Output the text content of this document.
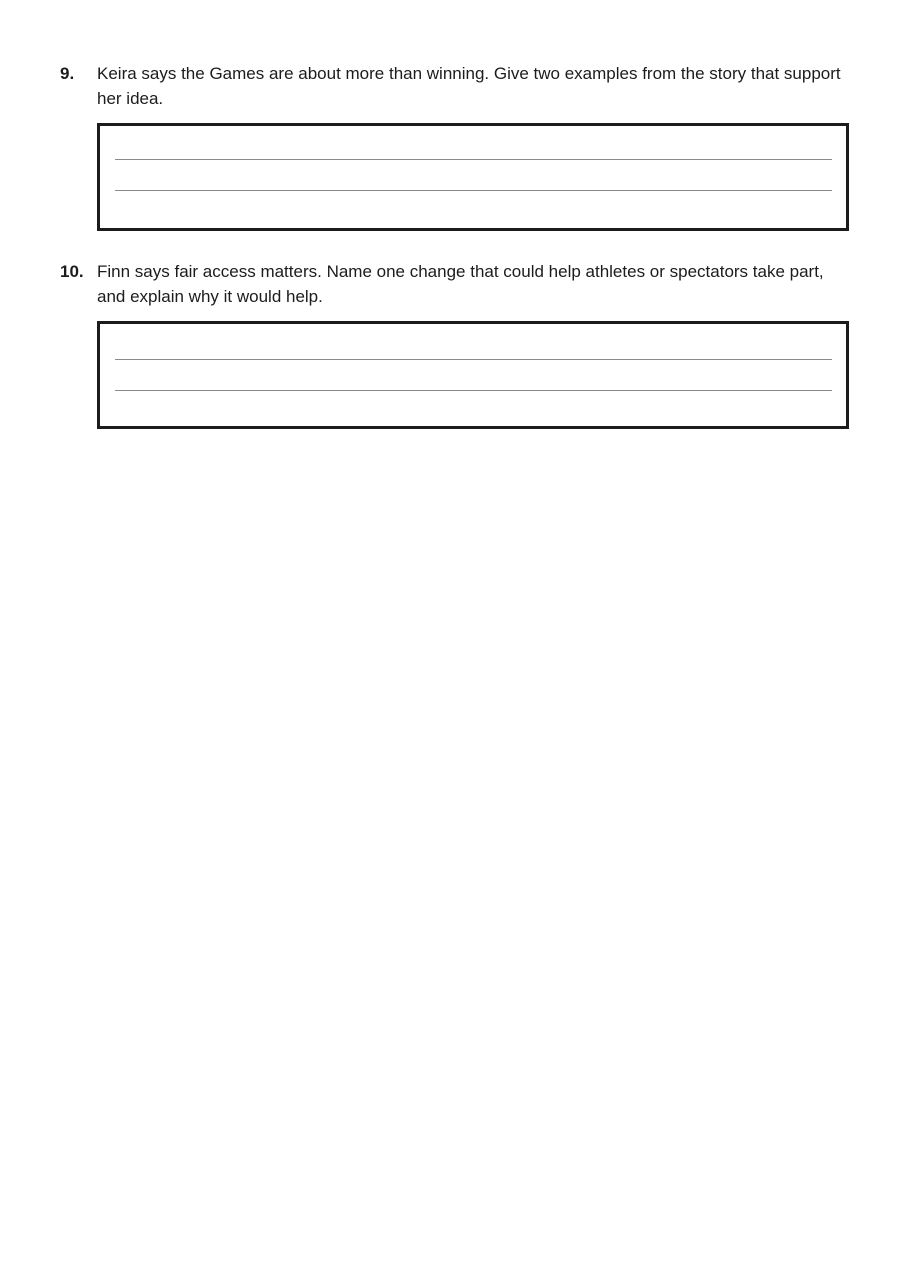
9. Keira says the Games are about more than winning. Give two examples from the story that support her idea.
10. Finn says fair access matters. Name one change that could help athletes or spectators take part, and explain why it would help.
